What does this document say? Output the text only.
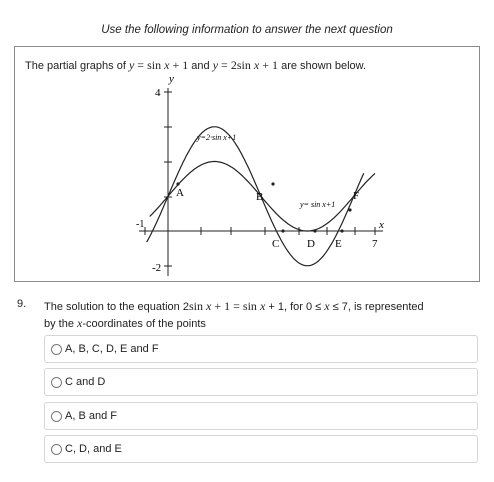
Use the following information to answer the next question
The partial graphs of y = sin x + 1 and y = 2sin x + 1 are shown below.
y
4
-2
-1
7
x
y=2·sin x+1
y= sin x+1
A	B
C	D E
F
9. The solution to the equation 2sin x + 1 = sin x + 1, for 0 ≤ x ≤ 7, is represented
by the x-coordinates of the points
A, B, C, D, E and F
C and D
A, B and F
C, D, and E
